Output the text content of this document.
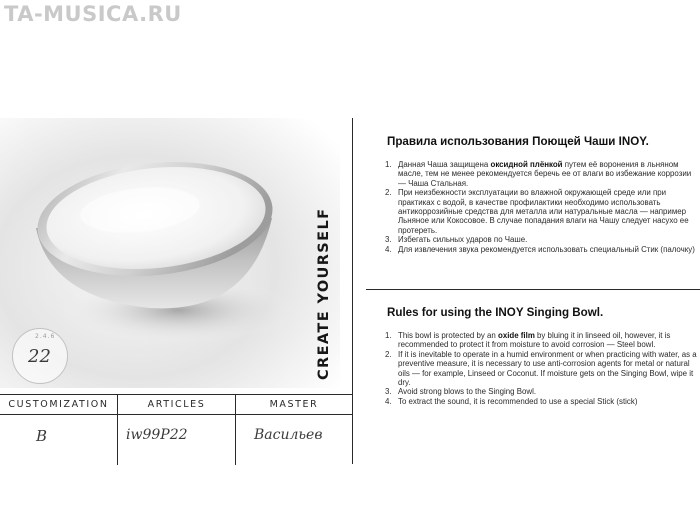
TA-MUSICA.RU
CREATE YOURSELF
2.4.6
22
CUSTOMIZATION
B
ARTICLES
iw99P22
MASTER
Васильев
Правила использования Поющей Чаши INOY.
1. Данная Чаша защищена оксидной плёнкой путем её воронения в льняном масле, тем не менее рекомендуется беречь ее от влаги во избежание коррозии — Чаша Стальная.
2. При неизбежности эксплуатации во влажной окружающей среде или при практиках с водой, в качестве профилактики необходимо использовать антикоррозийные средства для металла или натуральные масла — например Льняное или Кокосовое. В случае попадания влаги на Чашу следует насухо ее протереть.
3. Избегать сильных ударов по Чаше.
4. Для извлечения звука рекомендуется использовать специальный Стик (палочку)
Rules for using the INOY Singing Bowl.
1. This bowl is protected by an oxide film by bluing it in linseed oil, however, it is recommended to protect it from moisture to avoid corrosion — Steel bowl.
2. If it is inevitable to operate in a humid environment or when practicing with water, as a preventive measure, it is necessary to use anti-corrosion agents for metal or natural oils — for example, Linseed or Coconut. If moisture gets on the Singing Bowl, wipe it dry.
3. Avoid strong blows to the Singing Bowl.
4. To extract the sound, it is recommended to use a special Stick (stick)
